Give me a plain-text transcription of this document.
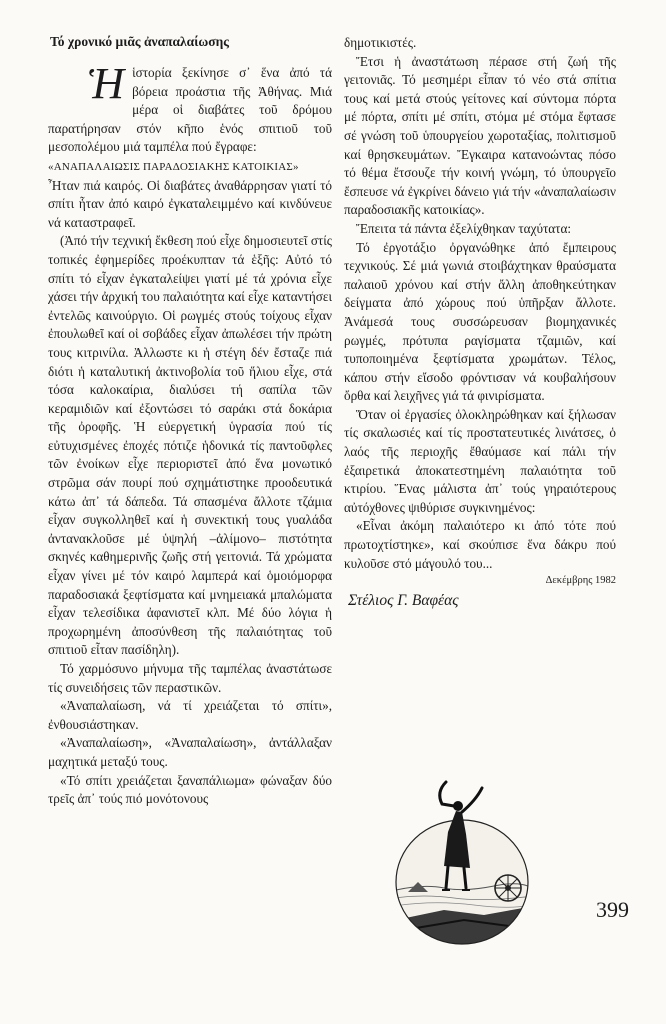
Τό χρονικό μιᾶς ἀναπαλαίωσης

Ἡἱστορία ξεκίνησε σ᾽ ἕνα ἀπό τά βόρεια προάστια τῆς Ἀθήνας. Μιά μέρα οἱ διαβάτες τοῦ δρόμου παρατήρησαν στόν κῆπο ἑνός σπιτιοῦ τοῦ μεσοπολέμου μιά ταμπέλα πού ἔγραφε:

«ΑΝΑΠΑΛΑΙΩΣΙΣ ΠΑΡΑΔΟΣΙΑΚΗΣ ΚΑΤΟΙΚΙΑΣ»

Ἦταν πιά καιρός. Οἱ διαβάτες ἀναθάρρησαν γιατί τό σπίτι ἦταν ἀπό καιρό ἐγκαταλειμμένο καί κινδύνευε νά καταστραφεῖ.

(Ἀπό τήν τεχνική ἔκθεση πού εἶχε δημοσιευτεῖ στίς τοπικές ἐφημερίδες προέκυπταν τά ἑξῆς: Αὐτό τό σπίτι τό εἶχαν ἐγκαταλείψει γιατί μέ τά χρόνια εἶχε χάσει τήν ἀρχική του παλαιότητα καί εἶχε καταντήσει ἐντελῶς καινούργιο. Οἱ ρωγμές στούς τοίχους εἶχαν ἐπουλωθεῖ καί οἱ σοβάδες εἶχαν ἀπωλέσει τήν πρώτη τους κιτρινίλα. Ἀλλωστε κι ἡ στέγη δέν ἔσταζε πιά διότι ἡ καταλυτική ἀκτινοβολία τοῦ ἥλιου εἶχε, στά τόσα καλοκαίρια, διαλύσει τή σαπίλα τῶν κεραμιδιῶν καί ἐξοντώσει τό σαράκι στά δοκάρια τῆς ὀροφῆς. Ἡ εὐεργετική ὑγρασία πού τίς εὐτυχισμένες ἐποχές πότιζε ἡδονικά τίς παντοῦφλες τῶν ἐνοίκων εἶχε περιοριστεῖ ἀπό ἕνα μονωτικό στρῶμα σάν πουρί πού σχημάτιστηκε προοδευτικά κάτω ἀπ᾽ τά δάπεδα. Τά σπασμένα ἄλλοτε τζάμια εἶχαν συγκολληθεῖ καί ἡ συνεκτική τους γυαλάδα ἀντανακλοῦσε μέ ὑψηλή –ἀλίμονο– πιστότητα σκηνές καθημερινῆς ζωῆς στή γειτονιά. Τά χρώματα εἶχαν γίνει μέ τόν καιρό λαμπερά καί ὁμοιόμορφα παραδοσιακά ξεφτίσματα καί μνημειακά μπαλώματα εἶχαν τελεσίδικα ἀφανιστεῖ κλπ. Μέ δύο λόγια ἡ προχωρημένη ἀποσύνθεση τῆς παλαιότητας τοῦ σπιτιοῦ εἶταν πασίδηλη).

Τό χαρμόσυνο μήνυμα τῆς ταμπέλας ἀναστάτωσε τίς συνειδήσεις τῶν περαστικῶν.

«Ἀναπαλαίωση, νά τί χρειάζεται τό σπίτι», ἐνθουσιάστηκαν.

«Ἀναπαλαίωση», «Ἀναπαλαίωση», ἀντάλλαξαν μαχητικά μεταξύ τους.

«Τό σπίτι χρειάζεται ξαναπάλιωμα» φώναξαν δύο τρεῖς ἀπ᾽ τούς πιό μονότονους

δημοτικιστές.

Ἔτσι ἡ ἀναστάτωση πέρασε στή ζωή τῆς γειτονιᾶς. Τό μεσημέρι εἶπαν τό νέο στά σπίτια τους καί μετά στούς γείτονες καί σύντομα πόρτα μέ πόρτα, σπίτι μέ σπίτι, στόμα μέ στόμα ἔφτασε σέ γνώση τοῦ ὑπουργείου χωροταξίας, πολιτισμοῦ καί θρησκευμάτων. Ἔγκαιρα κατανοώντας πόσο τό θέμα ἔτσουζε τήν κοινή γνώμη, τό ὑπουργεῖο ἔσπευσε νά ἐγκρίνει δάνειο γιά τήν «ἀναπαλαίωσιν παραδοσιακῆς κατοικίας».

Ἔπειτα τά πάντα ἐξελίχθηκαν ταχύτατα:

Τό ἐργοτάξιο ὀργανώθηκε ἀπό ἔμπειρους τεχνικούς. Σέ μιά γωνιά στοιβάχτηκαν θραύσματα παλαιοῦ χρόνου καί στήν ἄλλη ἀποθηκεύτηκαν δείγματα ἀπό χώρους πού ὑπῆρξαν ἄλλοτε. Ἀνάμεσά τους συσσώρευσαν βιομηχανικές ρωγμές, πρότυπα ραγίσματα τζαμιῶν, καί τυποποιημένα ξεφτίσματα χρωμάτων. Τέλος, κάπου στήν εἴσοδο φρόντισαν νά κουβαλήσουν ὄρθα καί λειχῆνες γιά τά φινιρίσματα.

Ὅταν οἱ ἐργασίες ὁλοκληρώθηκαν καί ξήλωσαν τίς σκαλωσιές καί τίς προστατευτικές λινάτσες, ὁ λαός τῆς περιοχῆς ἔθαύμασε καί πάλι τήν ἐξαιρετικά ἀποκατεστημένη παλαιότητα τοῦ κτιρίου. Ἕνας μάλιστα ἀπ᾽ τούς γηραιότερους αὐτόχθονες ψιθύρισε συγκινημένος:

«Εἶναι ἀκόμη παλαιότερο κι ἀπό τότε πού πρωτοχτίστηκε», καί σκούπισε ἕνα δάκρυ πού κυλοῦσε στό μάγουλό του...

Δεκέμβρης 1982
Στέλιος Γ. Βαφέας
399
